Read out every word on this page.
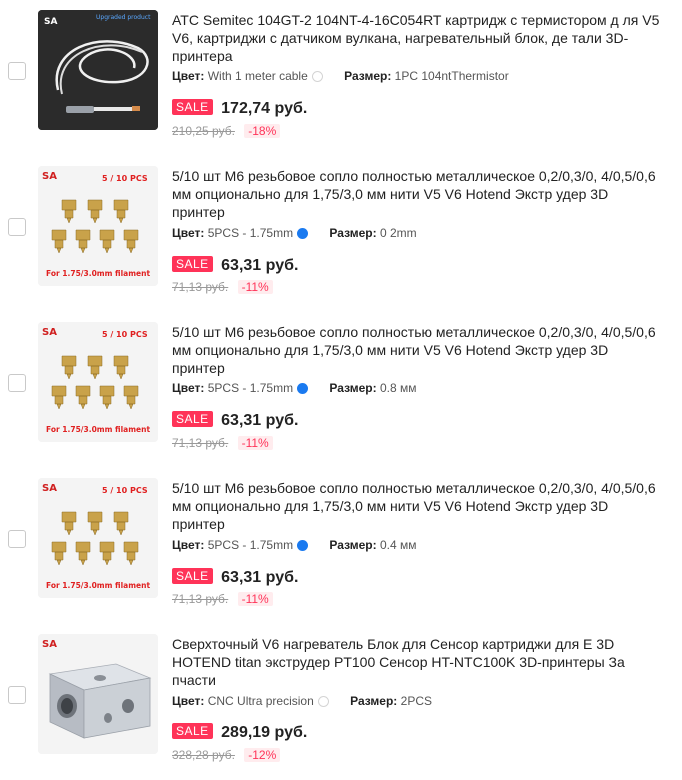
SA	Upgraded product ATC Semitec 104GT-2 104NT-4-16C054RT картридж с термистором д ля V5 V6, картриджи с датчиком вулкана, нагревательный блок, де тали 3D-принтера
Цвет: With 1 meter cable	Размер: 1PC 104ntThermistor
SALE 172,74 руб.
210,25 руб. -18%
SA	5 / 10 PCS
For 1.75/3.0mm filament
5/10 шт M6 резьбовое сопло полностью металлическое 0,2/0,3/0, 4/0,5/0,6 мм опционально для 1,75/3,0 мм нити V5 V6 Hotend Экстр удер 3D принтер
Цвет: 5PCS - 1.75mm	Размер: 0 2mm
SALE 63,31 руб.
71,13 руб. -11%
SA	5 / 10 PCS
For 1.75/3.0mm filament
5/10 шт M6 резьбовое сопло полностью металлическое 0,2/0,3/0, 4/0,5/0,6 мм опционально для 1,75/3,0 мм нити V5 V6 Hotend Экстр удер 3D принтер
Цвет: 5PCS - 1.75mm	Размер: 0.8 мм
SALE 63,31 руб.
71,13 руб. -11%
SA	5 / 10 PCS
For 1.75/3.0mm filament
5/10 шт M6 резьбовое сопло полностью металлическое 0,2/0,3/0, 4/0,5/0,6 мм опционально для 1,75/3,0 мм нити V5 V6 Hotend Экстр удер 3D принтер
Цвет: 5PCS - 1.75mm	Размер: 0.4 мм
SALE 63,31 руб.
71,13 руб. -11%
SA	Сверхточный V6 нагреватель Блок для Сенсор картриджи для E 3D HOTEND titan экструдер PT100 Сенсор HT-NTC100K 3D-принтеры За пчасти
Цвет: CNC Ultra precision	Размер: 2PCS
SALE 289,19 руб.
328,28 руб. -12%
